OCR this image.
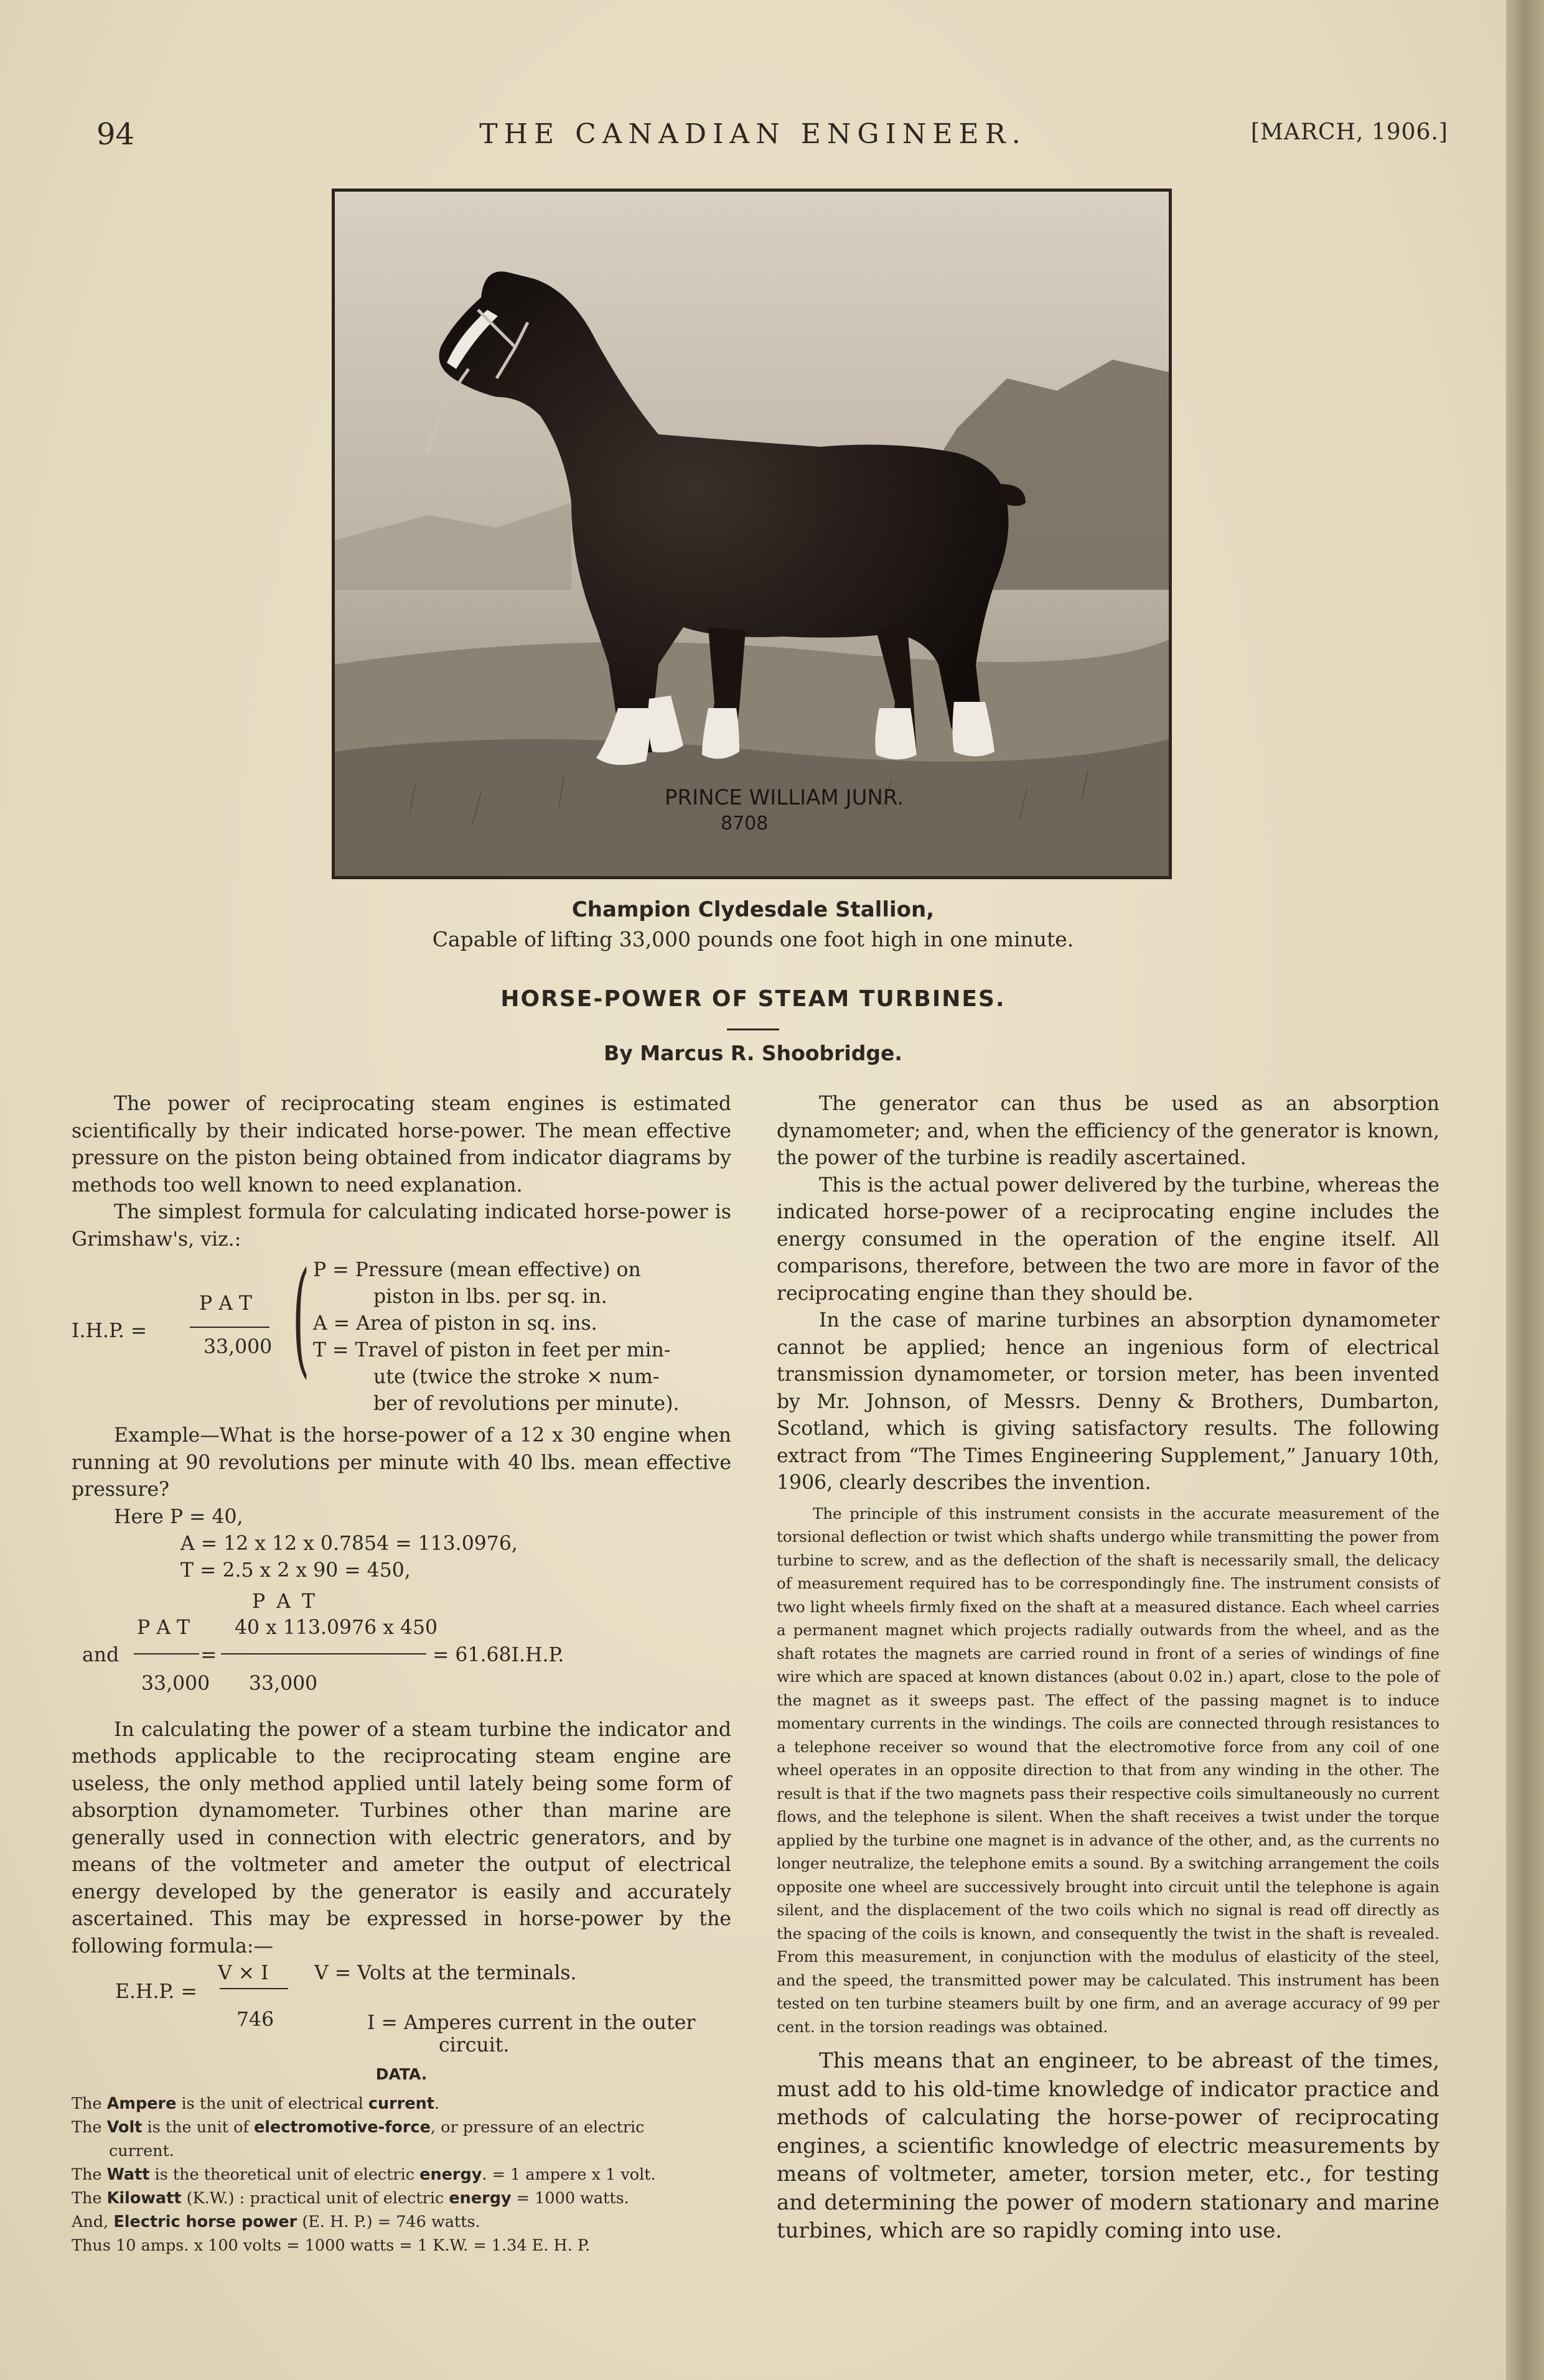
94	THE CANADIAN ENGINEER.	[MARCH, 1906.]
PRINCE WILLIAM JUNR.
8708
Champion Clydesdale Stallion,
Capable of lifting 33,000 pounds one foot high in one minute.
HORSE-POWER OF STEAM TURBINES.
By Marcus R. Shoobridge.

The power of reciprocating steam engines is estimated scientifically by their indicated horse-power. The mean effective pressure on the piston being obtained from indicator diagrams by methods too well known to need explanation.

The simplest formula for calculating indicated horse-power is Grimshaw's, viz.:

P A T
I.H.P. =
33,000 ( P = Pressure (mean effective) on
piston in lbs. per sq. in.
A = Area of piston in sq. ins.
T = Travel of piston in feet per min-
ute (twice the stroke × num-
ber of revolutions per minute).

Example—What is the horse-power of a 12 x 30 engine when running at 90 revolutions per minute with 40 lbs. mean effective pressure?

Here P = 40,
A = 12 x 12 x 0.7854 = 113.0976,
T = 2.5 x 2 x 90 = 450,
P A T
P A T 40 x 113.0976 x 450
and	=	= 61.68I.H.P.
33,000 33,000

In calculating the power of a steam turbine the indicator and methods applicable to the reciprocating steam engine are useless, the only method applied until lately being some form of absorption dynamometer. Turbines other than marine are generally used in connection with electric generators, and by means of the voltmeter and ameter the output of electrical energy developed by the generator is easily and accurately ascertained. This may be expressed in horse-power by the following formula:—

V × I V = Volts at the terminals.
E.H.P. =
746	I = Amperes current in the outer
circuit.
DATA.
The Ampere is the unit of electrical current.
The Volt is the unit of electromotive-force, or pressure of an electric
current.
The Watt is the theoretical unit of electric energy. = 1 ampere x 1 volt.
The Kilowatt (K.W.) : practical unit of electric energy = 1000 watts.
And, Electric horse power (E. H. P.) = 746 watts.
Thus 10 amps. x 100 volts = 1000 watts = 1 K.W. = 1.34 E. H. P.

The generator can thus be used as an absorption dynamometer; and, when the efficiency of the generator is known, the power of the turbine is readily ascertained.

This is the actual power delivered by the turbine, whereas the indicated horse-power of a reciprocating engine includes the energy consumed in the operation of the engine itself. All comparisons, therefore, between the two are more in favor of the reciprocating engine than they should be.

In the case of marine turbines an absorption dynamometer cannot be applied; hence an ingenious form of electrical transmission dynamometer, or torsion meter, has been invented by Mr. Johnson, of Messrs. Denny & Brothers, Dumbarton, Scotland, which is giving satisfactory results. The following extract from “The Times Engineering Supplement,” January 10th, 1906, clearly describes the invention.

The principle of this instrument consists in the accurate measurement of the torsional deflection or twist which shafts undergo while transmitting the power from turbine to screw, and as the deflection of the shaft is necessarily small, the delicacy of measurement required has to be correspondingly fine. The instrument consists of two light wheels firmly fixed on the shaft at a measured distance. Each wheel carries a permanent magnet which projects radially outwards from the wheel, and as the shaft rotates the magnets are carried round in front of a series of windings of fine wire which are spaced at known distances (about 0.02 in.) apart, close to the pole of the magnet as it sweeps past. The effect of the passing magnet is to induce momentary currents in the windings. The coils are connected through resistances to a telephone receiver so wound that the electromotive force from any coil of one wheel operates in an opposite direction to that from any winding in the other. The result is that if the two magnets pass their respective coils simultaneously no current flows, and the telephone is silent. When the shaft receives a twist under the torque applied by the turbine one magnet is in advance of the other, and, as the currents no longer neutralize, the telephone emits a sound. By a switching arrangement the coils opposite one wheel are successively brought into circuit until the telephone is again silent, and the displacement of the two coils which no signal is read off directly as the spacing of the coils is known, and consequently the twist in the shaft is revealed. From this measurement, in conjunction with the modulus of elasticity of the steel, and the speed, the transmitted power may be calculated. This instrument has been tested on ten turbine steamers built by one firm, and an average accuracy of 99 per cent. in the torsion readings was obtained.

This means that an engineer, to be abreast of the times, must add to his old-time knowledge of indicator practice and methods of calculating the horse-power of reciprocating engines, a scientific knowledge of electric measurements by means of voltmeter, ameter, torsion meter, etc., for testing and determining the power of modern stationary and marine turbines, which are so rapidly coming into use.
